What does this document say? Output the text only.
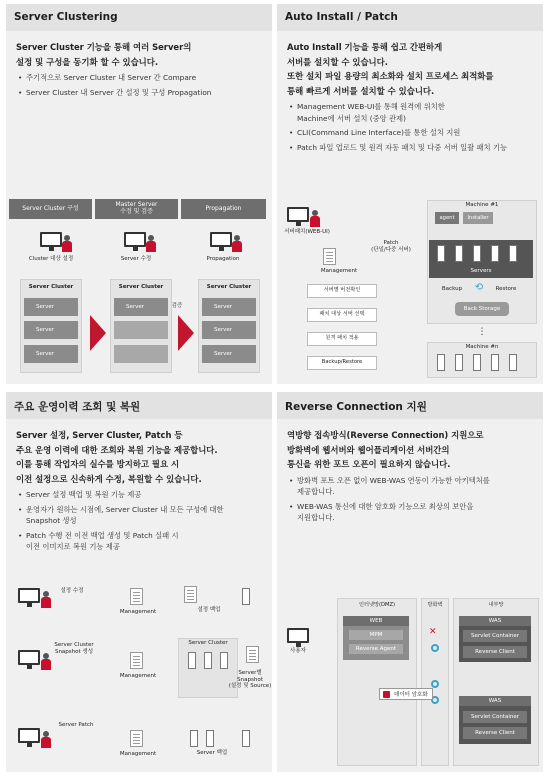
Server Clustering
Server Cluster 기능을 통해 여러 Server의
설정 및 구성을 동기화 할 수 있습니다.
• 주기적으로 Server Cluster 내 Server 간 Compare
• Server Cluster 내 Server 간 설정 및 구성 Propagation
Server Cluster 구성	Master Server
수정 및 검증	Propagation
Cluster 대상 설정	Server 수정	Propagation
Server Cluster
Server
Server
Server
Server Cluster
Server	검증
Server Cluster
Server
Server
Server
Auto Install / Patch
Auto Install 기능을 통해 쉽고 간편하게
서버를 설치할 수 있습니다.
또한 설치 파일 용량의 최소화와 설치 프로세스 최적화를
통해 빠르게 서버를 설치할 수 있습니다.
• Management WEB-UI를 통해 원격에 위치한
Machine에 서버 설치 (중앙 관제)
• CLI(Command Line Interface)를 통한 설치 지원
• Patch 파일 업로드 및 원격 자동 패치 및 다중 서버 일괄 패치 기능
서버패치(WEB-UI)
Patch
(단일/다중 서버)
Management
서버별 버전확인
패치 대상 서버 선택
원격 패치 적용
Backup/Restore
Machine #1
agent	Installer
Servers
Backup	⟲	Restore
Back Storage
⋮
Machine #n
주요 운영이력 조회 및 복원
Server 설정, Server Cluster, Patch 등
주요 운영 이력에 대한 조회와 복원 기능을 제공합니다.
이를 통해 작업자의 실수를 방지하고 필요 시
이전 설정으로 신속하게 수정, 복원할 수 있습니다.
• Server 설정 백업 및 복원 기능 제공
• 운영자가 원하는 시점에, Server Cluster 내 모든 구성에 대한
Snapshot 생성
• Patch 수행 전 이전 백업 생성 및 Patch 실패 시
이전 이미지로 복원 기능 제공
설정 수정
Management	설정 백업
Server Cluster
Snapshot 생성
Management
Server Cluster
Server별 Snapshot
(설정 및 Source)
Server Patch
Management	Server 백업
Reverse Connection 지원
역방향 접속방식(Reverse Connection) 지원으로
방화벽에 웹서버와 웹어플리케이션 서버간의
통신을 위한 포트 오픈이 필요하지 않습니다.
• 방화벽 포트 오픈 없이 WEB-WAS 연동이 가능한 아키텍처를
제공합니다.
• WEB-WAS 통신에 대한 암호화 기능으로 최상의 보안을
지원합니다.
인터넷망(DMZ)	방화벽	내부망
사용자
WEB
MPM
Reverse Agent
✕
WAS
Servlet Container
Reverse Client
데이터 암호화
WAS
Servlet Container
Reverse Client
